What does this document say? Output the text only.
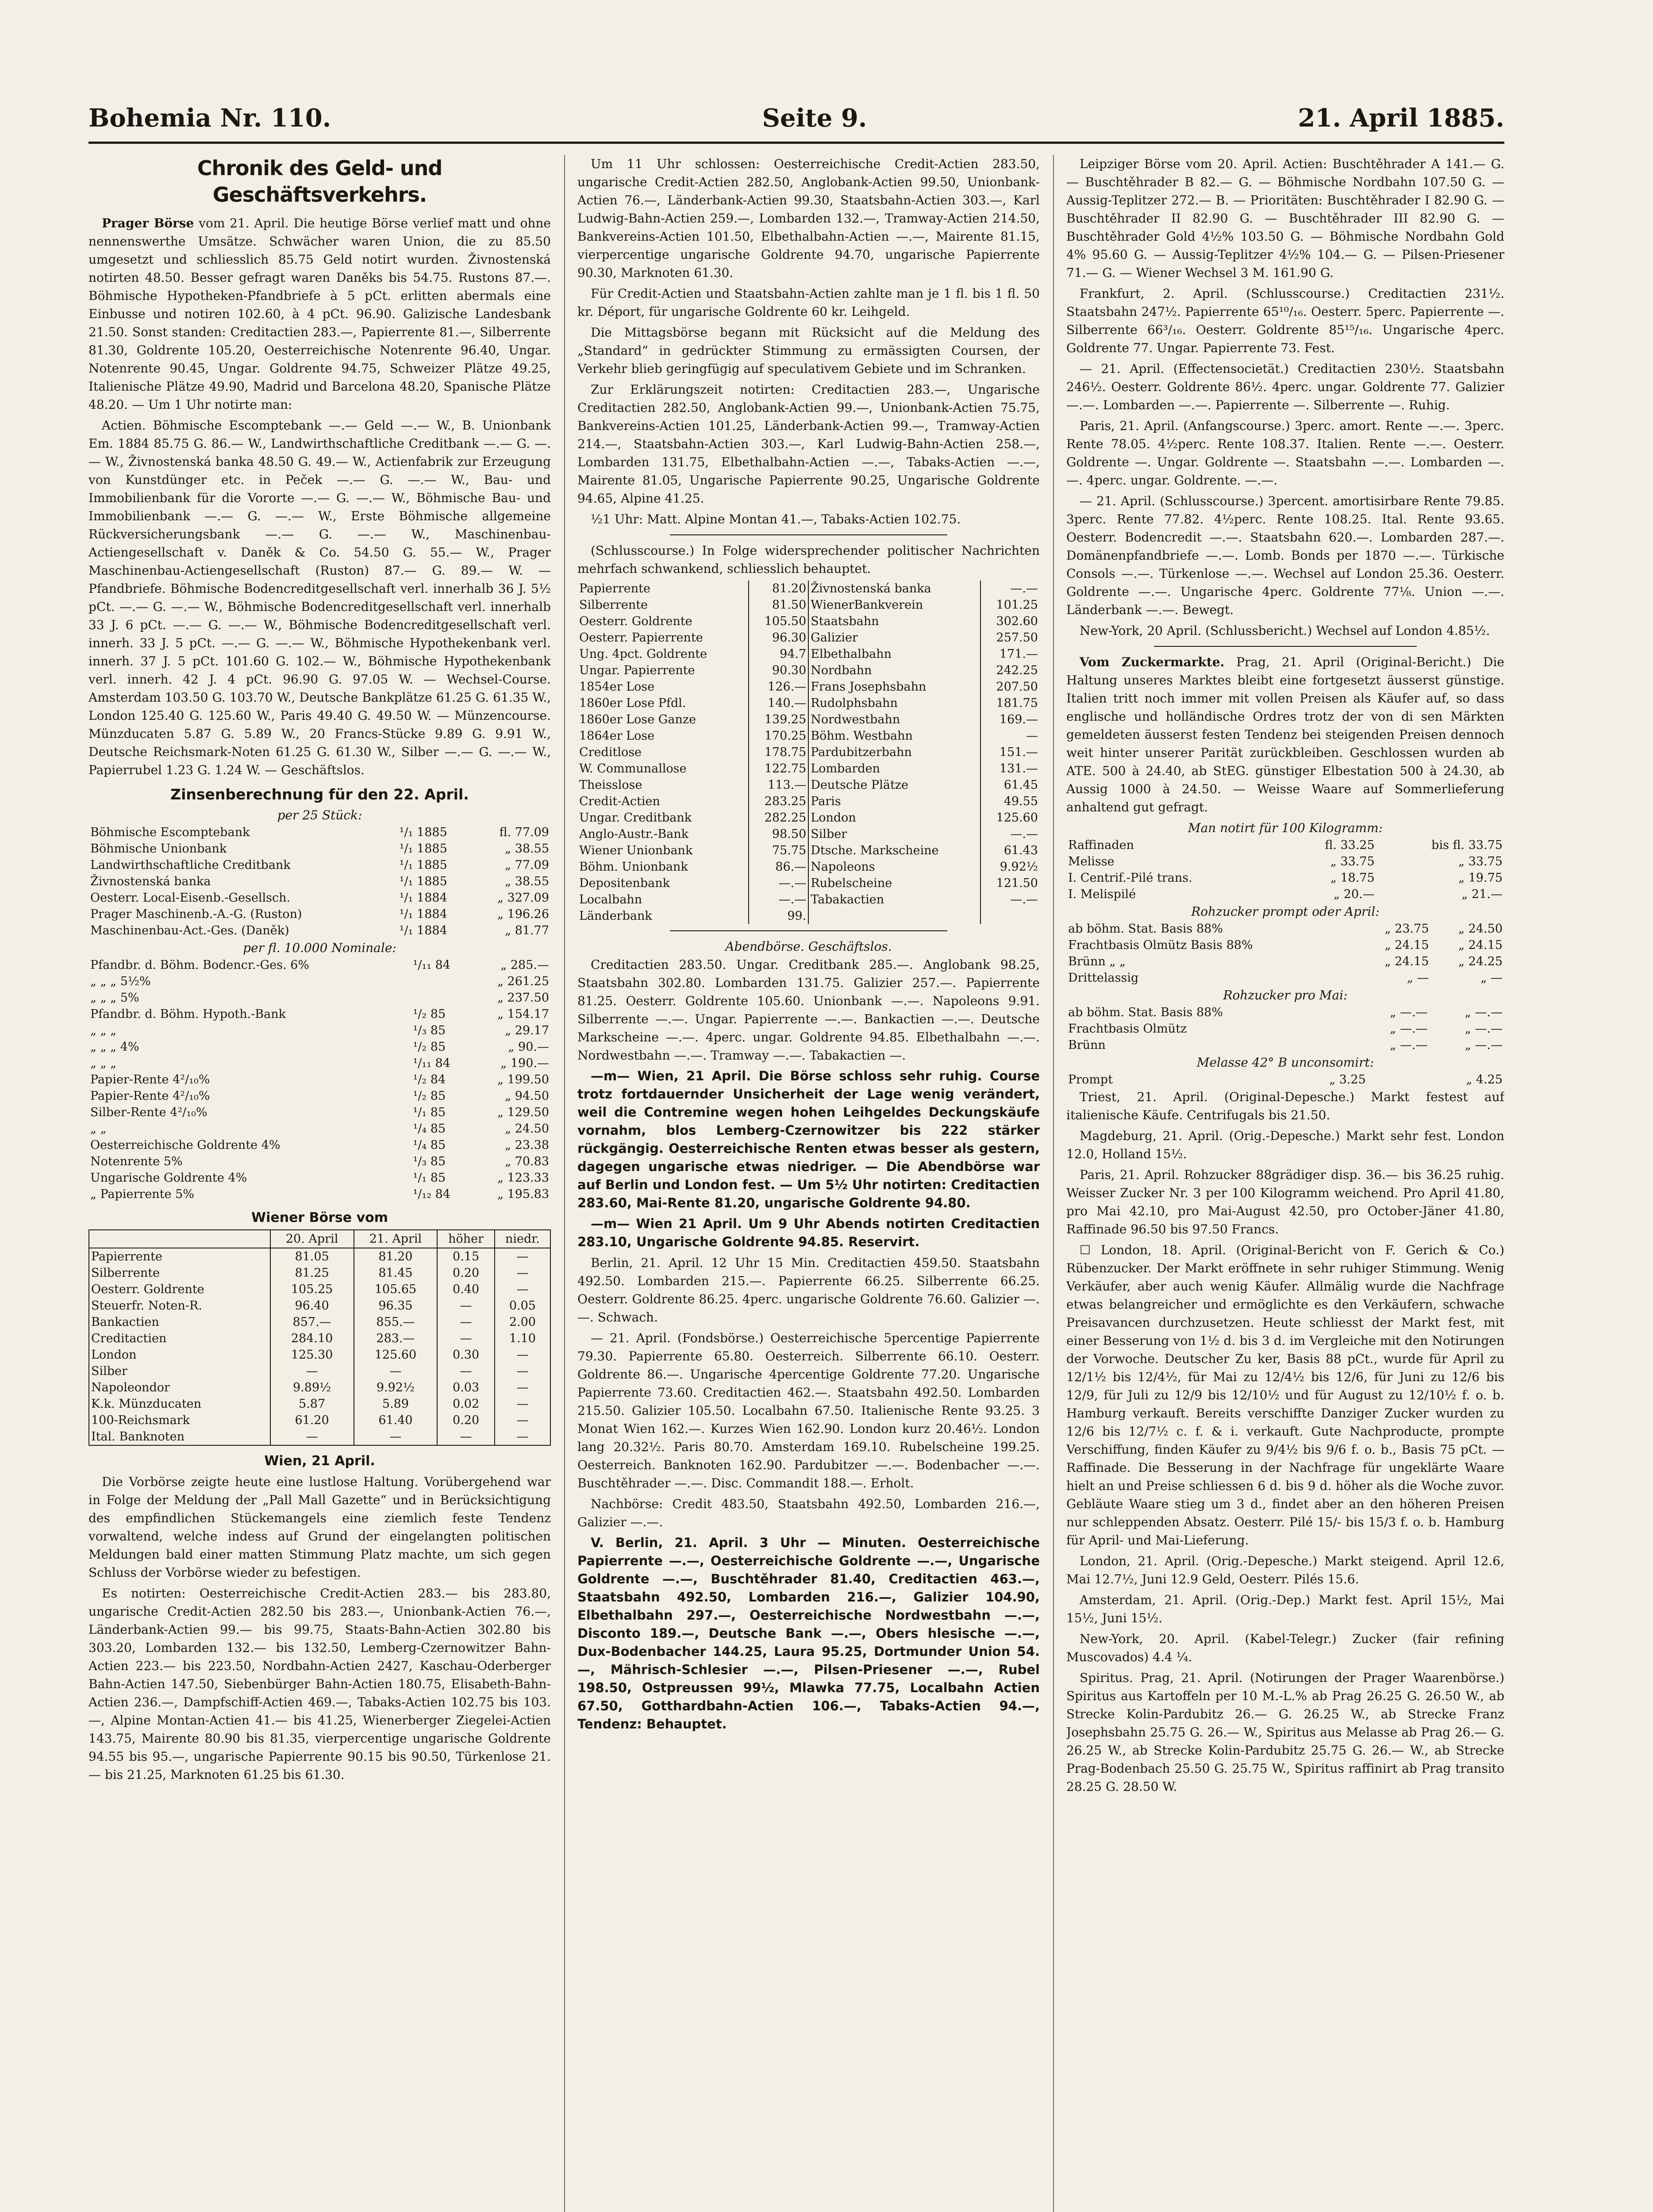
Bohemia Nr. 110.	Seite 9.	21. April 1885.
Chronik des Geld- und Geschäftsverkehrs.

Prager Börse vom 21. April. Die heutige Börse verlief matt und ohne nennenswerthe Umsätze. Schwächer waren Union, die zu 85.50 umgesetzt und schliesslich 85.75 Geld notirt wurden. Živnostenská notirten 48.50. Besser gefragt waren Daněks bis 54.75. Rustons 87.—. Böhmische Hypotheken-Pfandbriefe à 5 pCt. erlitten abermals eine Einbusse und notiren 102.60, à 4 pCt. 96.90. Galizische Landesbank 21.50. Sonst standen: Creditactien 283.—, Papierrente 81.—, Silberrente 81.30, Goldrente 105.20, Oesterreichische Notenrente 96.40, Ungar. Notenrente 90.45, Ungar. Goldrente 94.75, Schweizer Plätze 49.25, Italienische Plätze 49.90, Madrid und Barcelona 48.20, Spanische Plätze 48.20. — Um 1 Uhr notirte man:

Actien. Böhmische Escomptebank —.— Geld —.— W., B. Unionbank Em. 1884 85.75 G. 86.— W., Landwirthschaftliche Creditbank —.— G. —.— W., Živnostenská banka 48.50 G. 49.— W., Actienfabrik zur Erzeugung von Kunstdünger etc. in Peček —.— G. —.— W., Bau- und Immobilienbank für die Vororte —.— G. —.— W., Böhmische Bau- und Immobilienbank —.— G. —.— W., Erste Böhmische allgemeine Rückversicherungsbank —.— G. —.— W., Maschinenbau-Actiengesellschaft v. Daněk & Co. 54.50 G. 55.— W., Prager Maschinenbau-Actiengesellschaft (Ruston) 87.— G. 89.— W. — Pfandbriefe. Böhmische Bodencreditgesellschaft verl. innerhalb 36 J. 5½ pCt. —.— G. —.— W., Böhmische Bodencreditgesellschaft verl. innerhalb 33 J. 6 pCt. —.— G. —.— W., Böhmische Bodencreditgesellschaft verl. innerh. 33 J. 5 pCt. —.— G. —.— W., Böhmische Hypothekenbank verl. innerh. 37 J. 5 pCt. 101.60 G. 102.— W., Böhmische Hypothekenbank verl. innerh. 42 J. 4 pCt. 96.90 G. 97.05 W. — Wechsel-Course. Amsterdam 103.50 G. 103.70 W., Deutsche Bankplätze 61.25 G. 61.35 W., London 125.40 G. 125.60 W., Paris 49.40 G. 49.50 W. — Münzencourse. Münzducaten 5.87 G. 5.89 W., 20 Francs-Stücke 9.89 G. 9.91 W., Deutsche Reichsmark-Noten 61.25 G. 61.30 W., Silber —.— G. —.— W., Papierrubel 1.23 G. 1.24 W. — Geschäftslos.

Zinsenberechnung für den 22. April.
per 25 Stück:
Böhmische Escomptebank	¹/₁ 1885	fl. 77.09
Böhmische Unionbank	¹/₁ 1885	„ 38.55
Landwirthschaftliche Creditbank	¹/₁ 1885	„ 77.09
Živnostenská banka	¹/₁ 1885	„ 38.55
Oesterr. Local-Eisenb.-Gesellsch.	¹/₁ 1884	„ 327.09
Prager Maschinenb.-A.-G. (Ruston)	¹/₁ 1884	„ 196.26
Maschinenbau-Act.-Ges. (Daněk)	¹/₁ 1884	„ 81.77
per fl. 10.000 Nominale:
Pfandbr. d. Böhm. Bodencr.-Ges. 6%	¹/₁₁ 84	„ 285.—
„ „ „ 5½%		„ 261.25
„ „ „ 5%		„ 237.50
Pfandbr. d. Böhm. Hypoth.-Bank	¹/₂ 85	„ 154.17
„ „ „	¹/₃ 85	„ 29.17
„ „ „ 4%	¹/₂ 85	„ 90.—
„ „ „	¹/₁₁ 84	„ 190.—
Papier-Rente 4²/₁₀%	¹/₂ 84	„ 199.50
Papier-Rente 4²/₁₀%	¹/₂ 85	„ 94.50
Silber-Rente 4²/₁₀%	¹/₁ 85	„ 129.50
„ „	¹/₄ 85	„ 24.50
Oesterreichische Goldrente 4%	¹/₄ 85	„ 23.38
Notenrente 5%	¹/₃ 85	„ 70.83
Ungarische Goldrente 4%	¹/₁ 85	„ 123.33
„ Papierrente 5%	¹/₁₂ 84	„ 195.83
Wiener Börse vom
	20. April	21. April	höher	niedr.
Papierrente	81.05	81.20	0.15	—
Silberrente	81.25	81.45	0.20	—
Oesterr. Goldrente	105.25	105.65	0.40	—
Steuerfr. Noten-R.	96.40	96.35	—	0.05
Bankactien	857.—	855.—	—	2.00
Creditactien	284.10	283.—	—	1.10
London	125.30	125.60	0.30	—
Silber	—	—	—	—
Napoleondor	9.89½	9.92½	0.03	—
K.k. Münzducaten	5.87	5.89	0.02	—
100-Reichsmark	61.20	61.40	0.20	—
Ital. Banknoten	—	—	—	—
Wien, 21 April.

Die Vorbörse zeigte heute eine lustlose Haltung. Vorübergehend war in Folge der Meldung der „Pall Mall Gazette“ und in Berücksichtigung des empfindlichen Stückemangels eine ziemlich feste Tendenz vorwaltend, welche indess auf Grund der eingelangten politischen Meldungen bald einer matten Stimmung Platz machte, um sich gegen Schluss der Vorbörse wieder zu befestigen.

Es notirten: Oesterreichische Credit-Actien 283.— bis 283.80, ungarische Credit-Actien 282.50 bis 283.—, Unionbank-Actien 76.—, Länderbank-Actien 99.— bis 99.75, Staats-Bahn-Actien 302.80 bis 303.20, Lombarden 132.— bis 132.50, Lemberg-Czernowitzer Bahn-Actien 223.— bis 223.50, Nordbahn-Actien 2427, Kaschau-Oderberger Bahn-Actien 147.50, Siebenbürger Bahn-Actien 180.75, Elisabeth-Bahn-Actien 236.—, Dampfschiff-Actien 469.—, Tabaks-Actien 102.75 bis 103.—, Alpine Montan-Actien 41.— bis 41.25, Wienerberger Ziegelei-Actien 143.75, Mairente 80.90 bis 81.35, vierpercentige ungarische Goldrente 94.55 bis 95.—, ungarische Papierrente 90.15 bis 90.50, Türkenlose 21.— bis 21.25, Marknoten 61.25 bis 61.30.

Um 11 Uhr schlossen: Oesterreichische Credit-Actien 283.50, ungarische Credit-Actien 282.50, Anglobank-Actien 99.50, Unionbank-Actien 76.—, Länderbank-Actien 99.30, Staatsbahn-Actien 303.—, Karl Ludwig-Bahn-Actien 259.—, Lombarden 132.—, Tramway-Actien 214.50, Bankvereins-Actien 101.50, Elbethalbahn-Actien —.—, Mairente 81.15, vierpercentige ungarische Goldrente 94.70, ungarische Papierrente 90.30, Marknoten 61.30.

Für Credit-Actien und Staatsbahn-Actien zahlte man je 1 fl. bis 1 fl. 50 kr. Déport, für ungarische Goldrente 60 kr. Leihgeld.

Die Mittagsbörse begann mit Rücksicht auf die Meldung des „Standard“ in gedrückter Stimmung zu ermässigten Coursen, der Verkehr blieb geringfügig auf speculativem Gebiete und im Schranken.

Zur Erklärungszeit notirten: Creditactien 283.—, Ungarische Creditactien 282.50, Anglobank-Actien 99.—, Unionbank-Actien 75.75, Bankvereins-Actien 101.25, Länderbank-Actien 99.—, Tramway-Actien 214.—, Staatsbahn-Actien 303.—, Karl Ludwig-Bahn-Actien 258.—, Lombarden 131.75, Elbethalbahn-Actien —.—, Tabaks-Actien —.—, Mairente 81.05, Ungarische Papierrente 90.25, Ungarische Goldrente 94.65, Alpine 41.25.

½1 Uhr: Matt. Alpine Montan 41.—, Tabaks-Actien 102.75.

(Schlusscourse.) In Folge widersprechender politischer Nachrichten mehrfach schwankend, schliesslich behauptet.

Papierrente	81.20	Živnostenská banka	—.—
Silberrente	81.50	WienerBankverein	101.25
Oesterr. Goldrente	105.50	Staatsbahn	302.60
Oesterr. Papierrente	96.30	Galizier	257.50
Ung. 4pct. Goldrente	94.7	Elbethalbahn	171.—
Ungar. Papierrente	90.30	Nordbahn	242.25
1854er Lose	126.—	Frans Josephsbahn	207.50
1860er Lose Pfdl.	140.—	Rudolphsbahn	181.75
1860er Lose Ganze	139.25	Nordwestbahn	169.—
1864er Lose	170.25	Böhm. Westbahn	—
Creditlose	178.75	Pardubitzerbahn	151.—
W. Communallose	122.75	Lombarden	131.—
Theisslose	113.—	Deutsche Plätze	61.45
Credit-Actien	283.25	Paris	49.55
Ungar. Creditbank	282.25	London	125.60
Anglo-Austr.-Bank	98.50	Silber	—.—
Wiener Unionbank	75.75	Dtsche. Markscheine	61.43
Böhm. Unionbank	86.—	Napoleons	9.92½
Depositenbank	—.—	Rubelscheine	121.50
Localbahn	—.—	Tabakactien	—.—
Länderbank	99.		
Abendbörse. Geschäftslos.

Creditactien 283.50. Ungar. Creditbank 285.—. Anglobank 98.25, Staatsbahn 302.80. Lombarden 131.75. Galizier 257.—. Papierrente 81.25. Oesterr. Goldrente 105.60. Unionbank —.—. Napoleons 9.91. Silberrente —.—. Ungar. Papierrente —.—. Bankactien —.—. Deutsche Markscheine —.—. 4perc. ungar. Goldrente 94.85. Elbethalbahn —.—. Nordwestbahn —.—. Tramway —.—. Tabakactien —.

—m— Wien, 21 April. Die Börse schloss sehr ruhig. Course trotz fortdauernder Unsicherheit der Lage wenig verändert, weil die Contremine wegen hohen Leihgeldes Deckungskäufe vornahm, blos Lemberg-Czernowitzer bis 222 stärker rückgängig. Oesterreichische Renten etwas besser als gestern, dagegen ungarische etwas niedriger. — Die Abendbörse war auf Berlin und London fest. — Um 5½ Uhr notirten: Creditactien 283.60, Mai-Rente 81.20, ungarische Goldrente 94.80.

—m— Wien 21 April. Um 9 Uhr Abends notirten Creditactien 283.10, Ungarische Goldrente 94.85. Reservirt.

Berlin, 21. April. 12 Uhr 15 Min. Creditactien 459.50. Staatsbahn 492.50. Lombarden 215.—. Papierrente 66.25. Silberrente 66.25. Oesterr. Goldrente 86.25. 4perc. ungarische Goldrente 76.60. Galizier —.—. Schwach.

— 21. April. (Fondsbörse.) Oesterreichische 5percentige Papierrente 79.30. Papierrente 65.80. Oesterreich. Silberrente 66.10. Oesterr. Goldrente 86.—. Ungarische 4percentige Goldrente 77.20. Ungarische Papierrente 73.60. Creditactien 462.—. Staatsbahn 492.50. Lombarden 215.50. Galizier 105.50. Localbahn 67.50. Italienische Rente 93.25. 3 Monat Wien 162.—. Kurzes Wien 162.90. London kurz 20.46½. London lang 20.32½. Paris 80.70. Amsterdam 169.10. Rubelscheine 199.25. Oesterreich. Banknoten 162.90. Pardubitzer —.—. Bodenbacher —.—. Buschtěhrader —.—. Disc. Commandit 188.—. Erholt.

Nachbörse: Credit 483.50, Staatsbahn 492.50, Lombarden 216.—, Galizier —.—.

V. Berlin, 21. April. 3 Uhr — Minuten. Oesterreichische Papierrente —.—, Oesterreichische Goldrente —.—, Ungarische Goldrente —.—, Buschtěhrader 81.40, Creditactien 463.—, Staatsbahn 492.50, Lombarden 216.—, Galizier 104.90, Elbethalbahn 297.—, Oesterreichische Nordwestbahn —.—, Disconto 189.—, Deutsche Bank —.—, Obers hlesische —.—, Dux-Bodenbacher 144.25, Laura 95.25, Dortmunder Union 54.—, Mährisch-Schlesier —.—, Pilsen-Priesener —.—, Rubel 198.50, Ostpreussen 99½, Mlawka 77.75, Localbahn Actien 67.50, Gotthardbahn-Actien 106.—, Tabaks-Actien 94.—, Tendenz: Behauptet.

Leipziger Börse vom 20. April. Actien: Buschtěhrader A 141.— G. — Buschtěhrader B 82.— G. — Böhmische Nordbahn 107.50 G. — Aussig-Teplitzer 272.— B. — Prioritäten: Buschtěhrader I 82.90 G. — Buschtěhrader II 82.90 G. — Buschtěhrader III 82.90 G. — Buschtěhrader Gold 4½% 103.50 G. — Böhmische Nordbahn Gold 4% 95.60 G. — Aussig-Teplitzer 4½% 104.— G. — Pilsen-Priesener 71.— G. — Wiener Wechsel 3 M. 161.90 G.

Frankfurt, 2. April. (Schlusscourse.) Creditactien 231½. Staatsbahn 247½. Papierrente 65¹⁰/₁₆. Oesterr. 5perc. Papierrente —. Silberrente 66³/₁₆. Oesterr. Goldrente 85¹⁵/₁₆. Ungarische 4perc. Goldrente 77. Ungar. Papierrente 73. Fest.

— 21. April. (Effectensocietät.) Creditactien 230½. Staatsbahn 246½. Oesterr. Goldrente 86½. 4perc. ungar. Goldrente 77. Galizier —.—. Lombarden —.—. Papierrente —. Silberrente —. Ruhig.

Paris, 21. April. (Anfangscourse.) 3perc. amort. Rente —.—. 3perc. Rente 78.05. 4½perc. Rente 108.37. Italien. Rente —.—. Oesterr. Goldrente —. Ungar. Goldrente —. Staatsbahn —.—. Lombarden —.—. 4perc. ungar. Goldrente. —.—.

— 21. April. (Schlusscourse.) 3percent. amortisirbare Rente 79.85. 3perc. Rente 77.82. 4½perc. Rente 108.25. Ital. Rente 93.65. Oesterr. Bodencredit —.—. Staatsbahn 620.—. Lombarden 287.—. Domänenpfandbriefe —.—. Lomb. Bonds per 1870 —.—. Türkische Consols —.—. Türkenlose —.—. Wechsel auf London 25.36. Oesterr. Goldrente —.—. Ungarische 4perc. Goldrente 77⅛. Union —.—. Länderbank —.—. Bewegt.

New-York, 20 April. (Schlussbericht.) Wechsel auf London 4.85½.

Vom Zuckermarkte. Prag, 21. April (Original-Bericht.) Die Haltung unseres Marktes bleibt eine fortgesetzt äusserst günstige. Italien tritt noch immer mit vollen Preisen als Käufer auf, so dass englische und holländische Ordres trotz der von di sen Märkten gemeldeten äusserst festen Tendenz bei steigenden Preisen dennoch weit hinter unserer Parität zurückbleiben. Geschlossen wurden ab ATE. 500 à 24.40, ab StEG. günstiger Elbestation 500 à 24.30, ab Aussig 1000 à 24.50. — Weisse Waare auf Sommerlieferung anhaltend gut gefragt.

Man notirt für 100 Kilogramm:
Raffinaden	fl. 33.25	bis fl. 33.75
Melisse	„ 33.75	„ 33.75
I. Centrif.-Pilé trans.	„ 18.75	„ 19.75
I. Melispilé	„ 20.—	„ 21.—
Rohzucker prompt oder April:
ab böhm. Stat. Basis 88%	„ 23.75	„ 24.50
Frachtbasis Olmütz Basis 88%	„ 24.15	„ 24.15
Brünn „ „	„ 24.15	„ 24.25
Drittelassig	„ —	„ —
Rohzucker pro Mai:
ab böhm. Stat. Basis 88%	„ —.—	„ —.—
Frachtbasis Olmütz	„ —.—	„ —.—
Brünn	„ —.—	„ —.—
Melasse 42° B unconsomirt:
Prompt	„ 3.25	„ 4.25

Triest, 21. April. (Original-Depesche.) Markt festest auf italienische Käufe. Centrifugals bis 21.50.

Magdeburg, 21. April. (Orig.-Depesche.) Markt sehr fest. London 12.0, Holland 15½.

Paris, 21. April. Rohzucker 88grädiger disp. 36.— bis 36.25 ruhig. Weisser Zucker Nr. 3 per 100 Kilogramm weichend. Pro April 41.80, pro Mai 42.10, pro Mai-August 42.50, pro October-Jäner 41.80, Raffinade 96.50 bis 97.50 Francs.

☐ London, 18. April. (Original-Bericht von F. Gerich & Co.) Rübenzucker. Der Markt eröffnete in sehr ruhiger Stimmung. Wenig Verkäufer, aber auch wenig Käufer. Allmälig wurde die Nachfrage etwas belangreicher und ermöglichte es den Verkäufern, schwache Preisavancen durchzusetzen. Heute schliesst der Markt fest, mit einer Besserung von 1½ d. bis 3 d. im Vergleiche mit den Notirungen der Vorwoche. Deutscher Zu ker, Basis 88 pCt., wurde für April zu 12/1½ bis 12/4½, für Mai zu 12/4½ bis 12/6, für Juni zu 12/6 bis 12/9, für Juli zu 12/9 bis 12/10½ und für August zu 12/10½ f. o. b. Hamburg verkauft. Bereits verschiffte Danziger Zucker wurden zu 12/6 bis 12/7½ c. f. & i. verkauft. Gute Nachproducte, prompte Verschiffung, finden Käufer zu 9/4½ bis 9/6 f. o. b., Basis 75 pCt. — Raffinade. Die Besserung in der Nachfrage für ungeklärte Waare hielt an und Preise schliessen 6 d. bis 9 d. höher als die Woche zuvor. Gebläute Waare stieg um 3 d., findet aber an den höheren Preisen nur schleppenden Absatz. Oesterr. Pilé 15/- bis 15/3 f. o. b. Hamburg für April- und Mai-Lieferung.

London, 21. April. (Orig.-Depesche.) Markt steigend. April 12.6, Mai 12.7½, Juni 12.9 Geld, Oesterr. Pilés 15.6.

Amsterdam, 21. April. (Orig.-Dep.) Markt fest. April 15½, Mai 15½, Juni 15½.

New-York, 20. April. (Kabel-Telegr.) Zucker (fair refining Muscovados) 4.4 ¼.

Spiritus. Prag, 21. April. (Notirungen der Prager Waarenbörse.) Spiritus aus Kartoffeln per 10 M.-L.% ab Prag 26.25 G. 26.50 W., ab Strecke Kolin-Pardubitz 26.— G. 26.25 W., ab Strecke Franz Josephsbahn 25.75 G. 26.— W., Spiritus aus Melasse ab Prag 26.— G. 26.25 W., ab Strecke Kolin-Pardubitz 25.75 G. 26.— W., ab Strecke Prag-Bodenbach 25.50 G. 25.75 W., Spiritus raffinirt ab Prag transito 28.25 G. 28.50 W.
